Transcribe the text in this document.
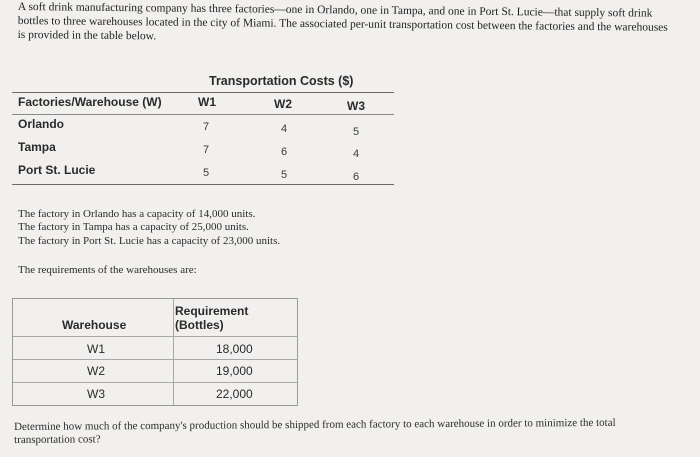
A soft drink manufacturing company has three factories—one in Orlando, one in Tampa, and one in Port St. Lucie—that supply soft drink bottles to three warehouses located in the city of Miami. The associated per-unit transportation cost between the factories and the warehouses is provided in the table below.
Transportation Costs ($)
Factories/Warehouse (W)	W1	W2	W3
Orlando	7	4	5
Tampa	7	6	4
Port St. Lucie	5	5	6
The factory in Orlando has a capacity of 14,000 units.
The factory in Tampa has a capacity of 25,000 units.
The factory in Port St. Lucie has a capacity of 23,000 units.
The requirements of the warehouses are:
Warehouse
Requirement (Bottles)
W1	18,000
W2	19,000
W3	22,000
Determine how much of the company's production should be shipped from each factory to each warehouse in order to minimize the total transportation cost?
